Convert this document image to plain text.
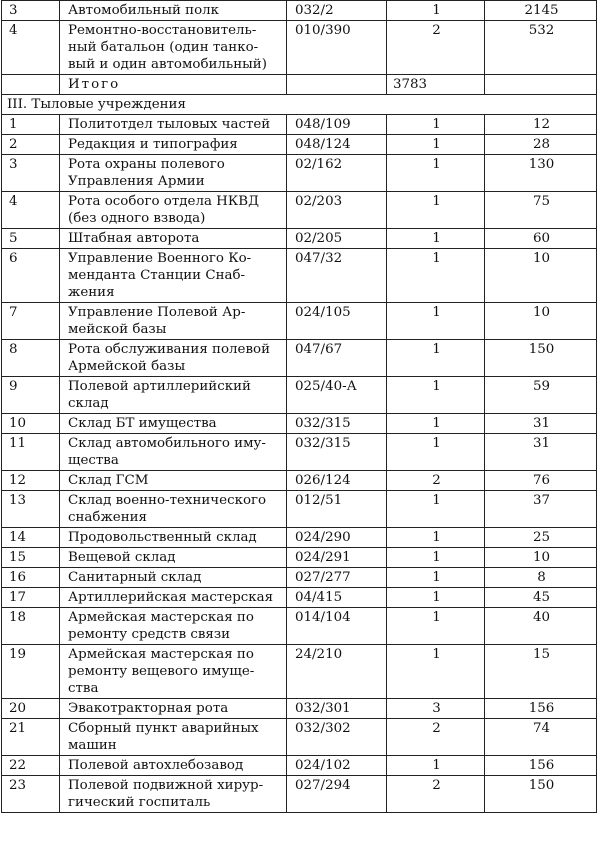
3	Автомобильный полк	032/2	1	2145
4	Ремонтно-восстановитель-ный батальон (один танко-вый и один автомобильный)	010/390	2	532
	Итого		3783	
III. Тыловые учреждения				
1	Политотдел тыловых частей	048/109	1	12
2	Редакция и типография	048/124	1	28
3	Рота охраны полевого Управления Армии	02/162	1	130
4	Рота особого отдела НКВД (без одного взвода)	02/203	1	75
5	Штабная авторота	02/205	1	60
6	Управление Военного Ко-менданта Станции Снаб-жения	047/32	1	10
7	Управление Полевой Ар-мейской базы	024/105	1	10
8	Рота обслуживания полевой Армейской базы	047/67	1	150
9	Полевой артиллерийский склад	025/40-А	1	59
10	Склад БТ имущества	032/315	1	31
11	Склад автомобильного иму-щества	032/315	1	31
12	Склад ГСМ	026/124	2	76
13	Склад военно-технического снабжения	012/51	1	37
14	Продовольственный склад	024/290	1	25
15	Вещевой склад	024/291	1	10
16	Санитарный склад	027/277	1	8
17	Артиллерийская мастерская	04/415	1	45
18	Армейская мастерская по ремонту средств связи	014/104	1	40
19	Армейская мастерская по ремонту вещевого имуще-ства	24/210	1	15
20	Эвакотракторная рота	032/301	3	156
21	Сборный пункт аварийных машин	032/302	2	74
22	Полевой автохлебозавод	024/102	1	156
23	Полевой подвижной хирур-гический госпиталь	027/294	2	150
